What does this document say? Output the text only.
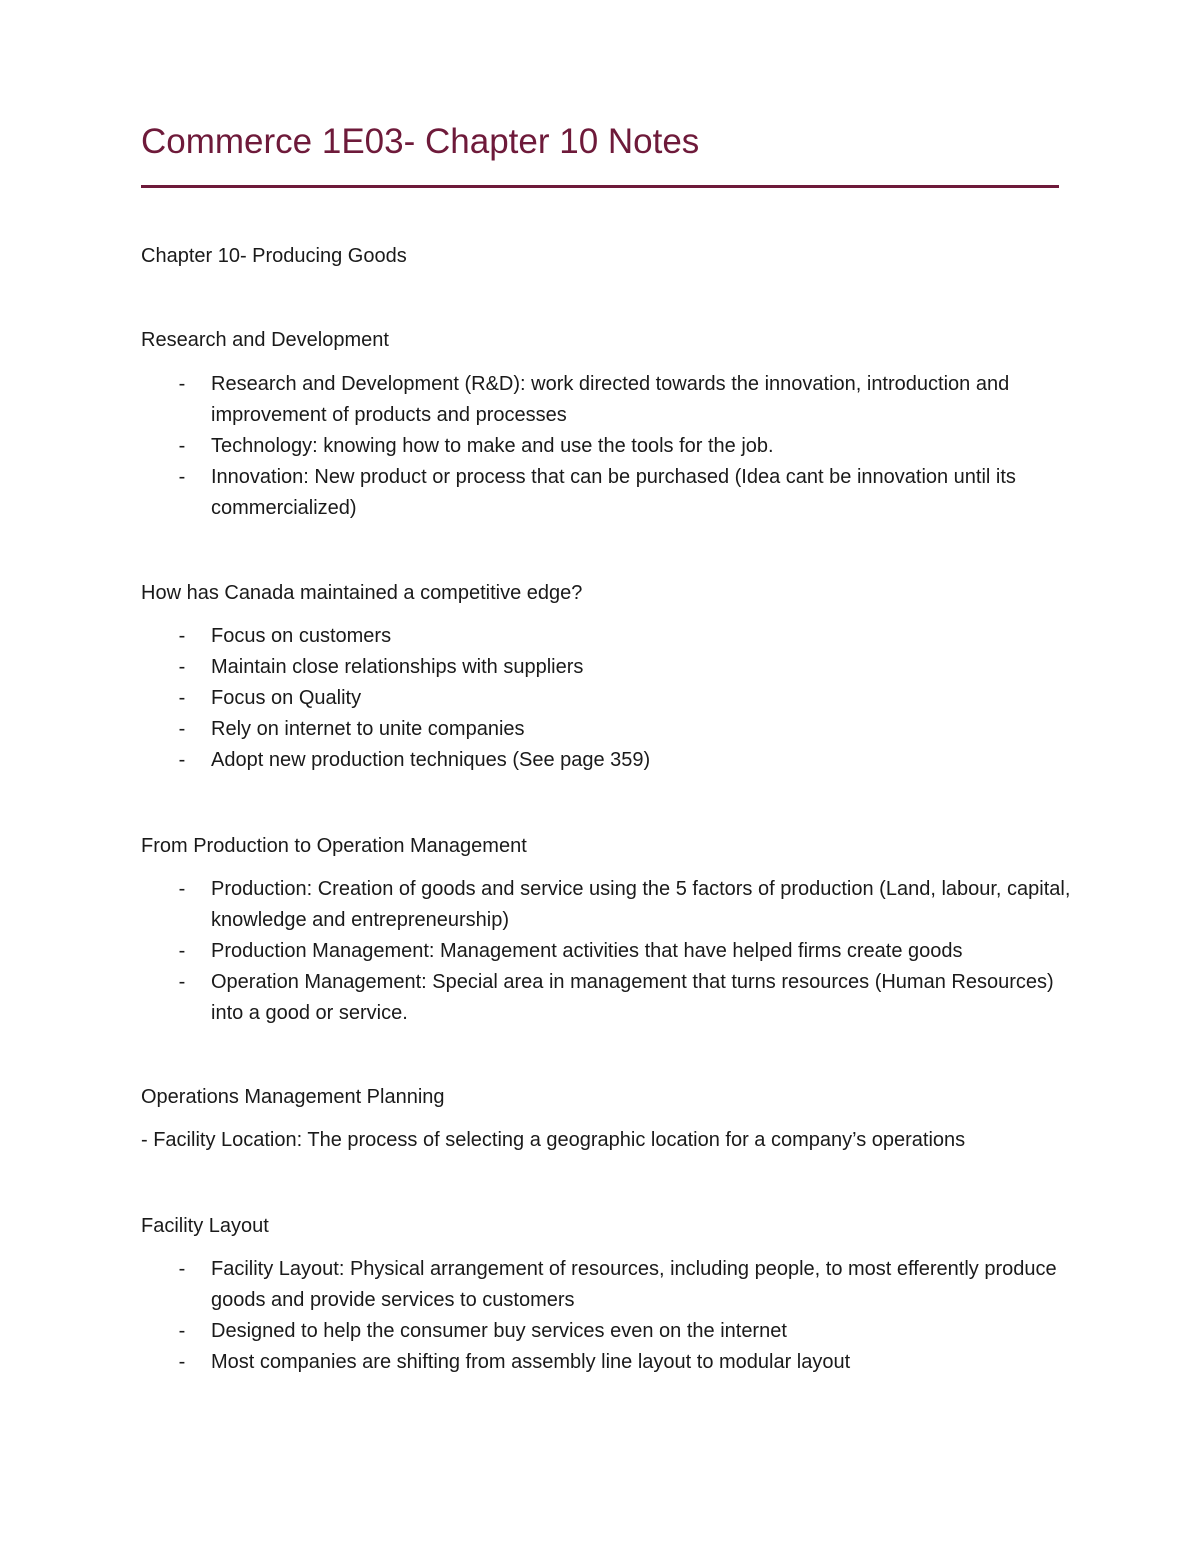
Commerce 1E03- Chapter 10 Notes

Chapter 10- Producing Goods

Research and Development

- Research and Development (R&D): work directed towards the innovation, introduction and improvement of products and processes
- Technology: knowing how to make and use the tools for the job.
- Innovation: New product or process that can be purchased (Idea cant be innovation until its commercialized)

How has Canada maintained a competitive edge?

- Focus on customers
- Maintain close relationships with suppliers
- Focus on Quality
- Rely on internet to unite companies
- Adopt new production techniques (See page 359)

From Production to Operation Management

- Production: Creation of goods and service using the 5 factors of production (Land, labour, capital, knowledge and entrepreneurship)
- Production Management: Management activities that have helped firms create goods
- Operation Management: Special area in management that turns resources (Human Resources) into a good or service.

Operations Management Planning

- Facility Location: The process of selecting a geographic location for a company’s operations

Facility Layout

- Facility Layout: Physical arrangement of resources, including people, to most efferently produce goods and provide services to customers
- Designed to help the consumer buy services even on the internet
- Most companies are shifting from assembly line layout to modular layout
